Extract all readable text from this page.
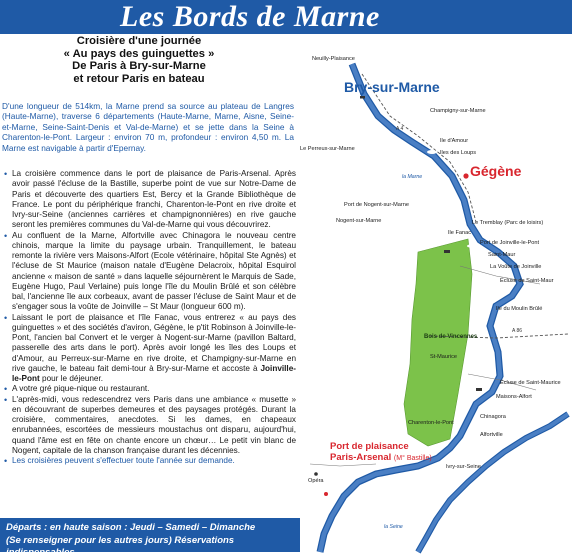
Les Bords de Marne
Croisière d'une journée
« Au pays des guinguettes »
De Paris à Bry-sur-Marne
et retour Paris en bateau

D'une longueur de 514km, la Marne prend sa source au plateau de Langres (Haute-Marne), traverse 6 départements (Haute-Marne, Marne, Aisne, Seine-et-Marne, Seine-Saint-Denis et Val-de-Marne) et se jette dans la Seine à Charenton-le-Pont. Largeur : environ 70 m, profondeur : environ 4,50 m. La Marne est navigable à partir d'Epernay.

• La croisière commence dans le port de plaisance de Paris-Arsenal. Après avoir passé l'écluse de la Bastille, superbe point de vue sur Notre-Dame de Paris et découverte des quartiers Est, Bercy et la Grande Bibliothèque de France. Le pont du périphérique franchi, Charenton-le-Pont en rive droite et Ivry-sur-Seine (anciennes carrières et champignonnières) en rive gauche seront les premières communes du Val-de-Marne qui vous découvrirez.

• Au confluent de la Marne, Alfortville avec Chinagora le nouveau centre chinois, marque la limite du paysage urbain. Tranquillement, le bateau remonte la rivière vers Maisons-Alfort (Ecole vétérinaire, hôpital Ste Agnès) et l'écluse de St Maurice (maison natale d'Eugène Delacroix, hôpital Esquirol ancienne « maison de santé » dans laquelle séjournèrent le Marquis de Sade, Eugène Hugo, Paul Verlaine) puis longe l'île du Moulin Brûlé et son célèbre bal, l'ancienne île aux corbeaux, avant de passer l'écluse de Saint Maur et de s'engager sous la voûte de Joinville – St Maur (longueur 600 m).

• Laissant le port de plaisance et l'île Fanac, vous entrerez « au pays des guinguettes » et des sociétés d'aviron, Gégène, le p'tit Robinson à Joinville-le-Pont, l'ancien bal Convert et le verger à Nogent-sur-Marne (pavillon Baltard, passerelle des arts dans le port). Après avoir longé les îles des Loups et d'Amour, au Perreux-sur-Marne en rive droite, et Champigny-sur-Marne en rive gauche, le bateau fait demi-tour à Bry-sur-Marne et accoste à Joinville-le-Pont pour le déjeuner.

• A votre gré pique-nique ou restaurant.

• L'après-midi, vous redescendrez vers Paris dans une ambiance « musette » en découvrant de superbes demeures et des paysages protégés. Durant la croisière, commentaires, anecdotes. Si les dames, en chapeaux enrubannées, escortées de messieurs moustachus ont disparu, aujourd'hui, quand l'âme est en fête on chante encore un chœur… Le petit vin blanc de Nogent, capitale de la chanson française durant les décennies.

• Les croisières peuvent s'effectuer toute l'année sur demande.

Départs : en haute saison : Jeudi – Samedi – Dimanche
(Se renseigner pour les autres jours) Réservations indispensables
Neuilly-Plaisance
Bry-sur-Marne
Champigny-sur-Marne
Le Perreux-sur-Marne
Ile d'Amour
Iles des Loups
Gégène
Port de Nogent-sur-Marne
Nogent-sur-Marne	Le Tremblay (Parc de loisirs)
Port de Joinville-le-Pont
Saint-Maur
La Voûte de Joinville
Ile Fanac
Écluse de Saint-Maur
Bois de Vincennes
Ile du Moulin Brûlé
St-Maurice
Écluse de Saint-Maurice
Maisons-Alfort
Chinagora
Alfortville
Charenton-le-Pont
Ivry-sur-Seine
Opéra
A 4
A 86
la Marne
la Seine
Port de plaisance
Paris-Arsenal (M° Bastille)
